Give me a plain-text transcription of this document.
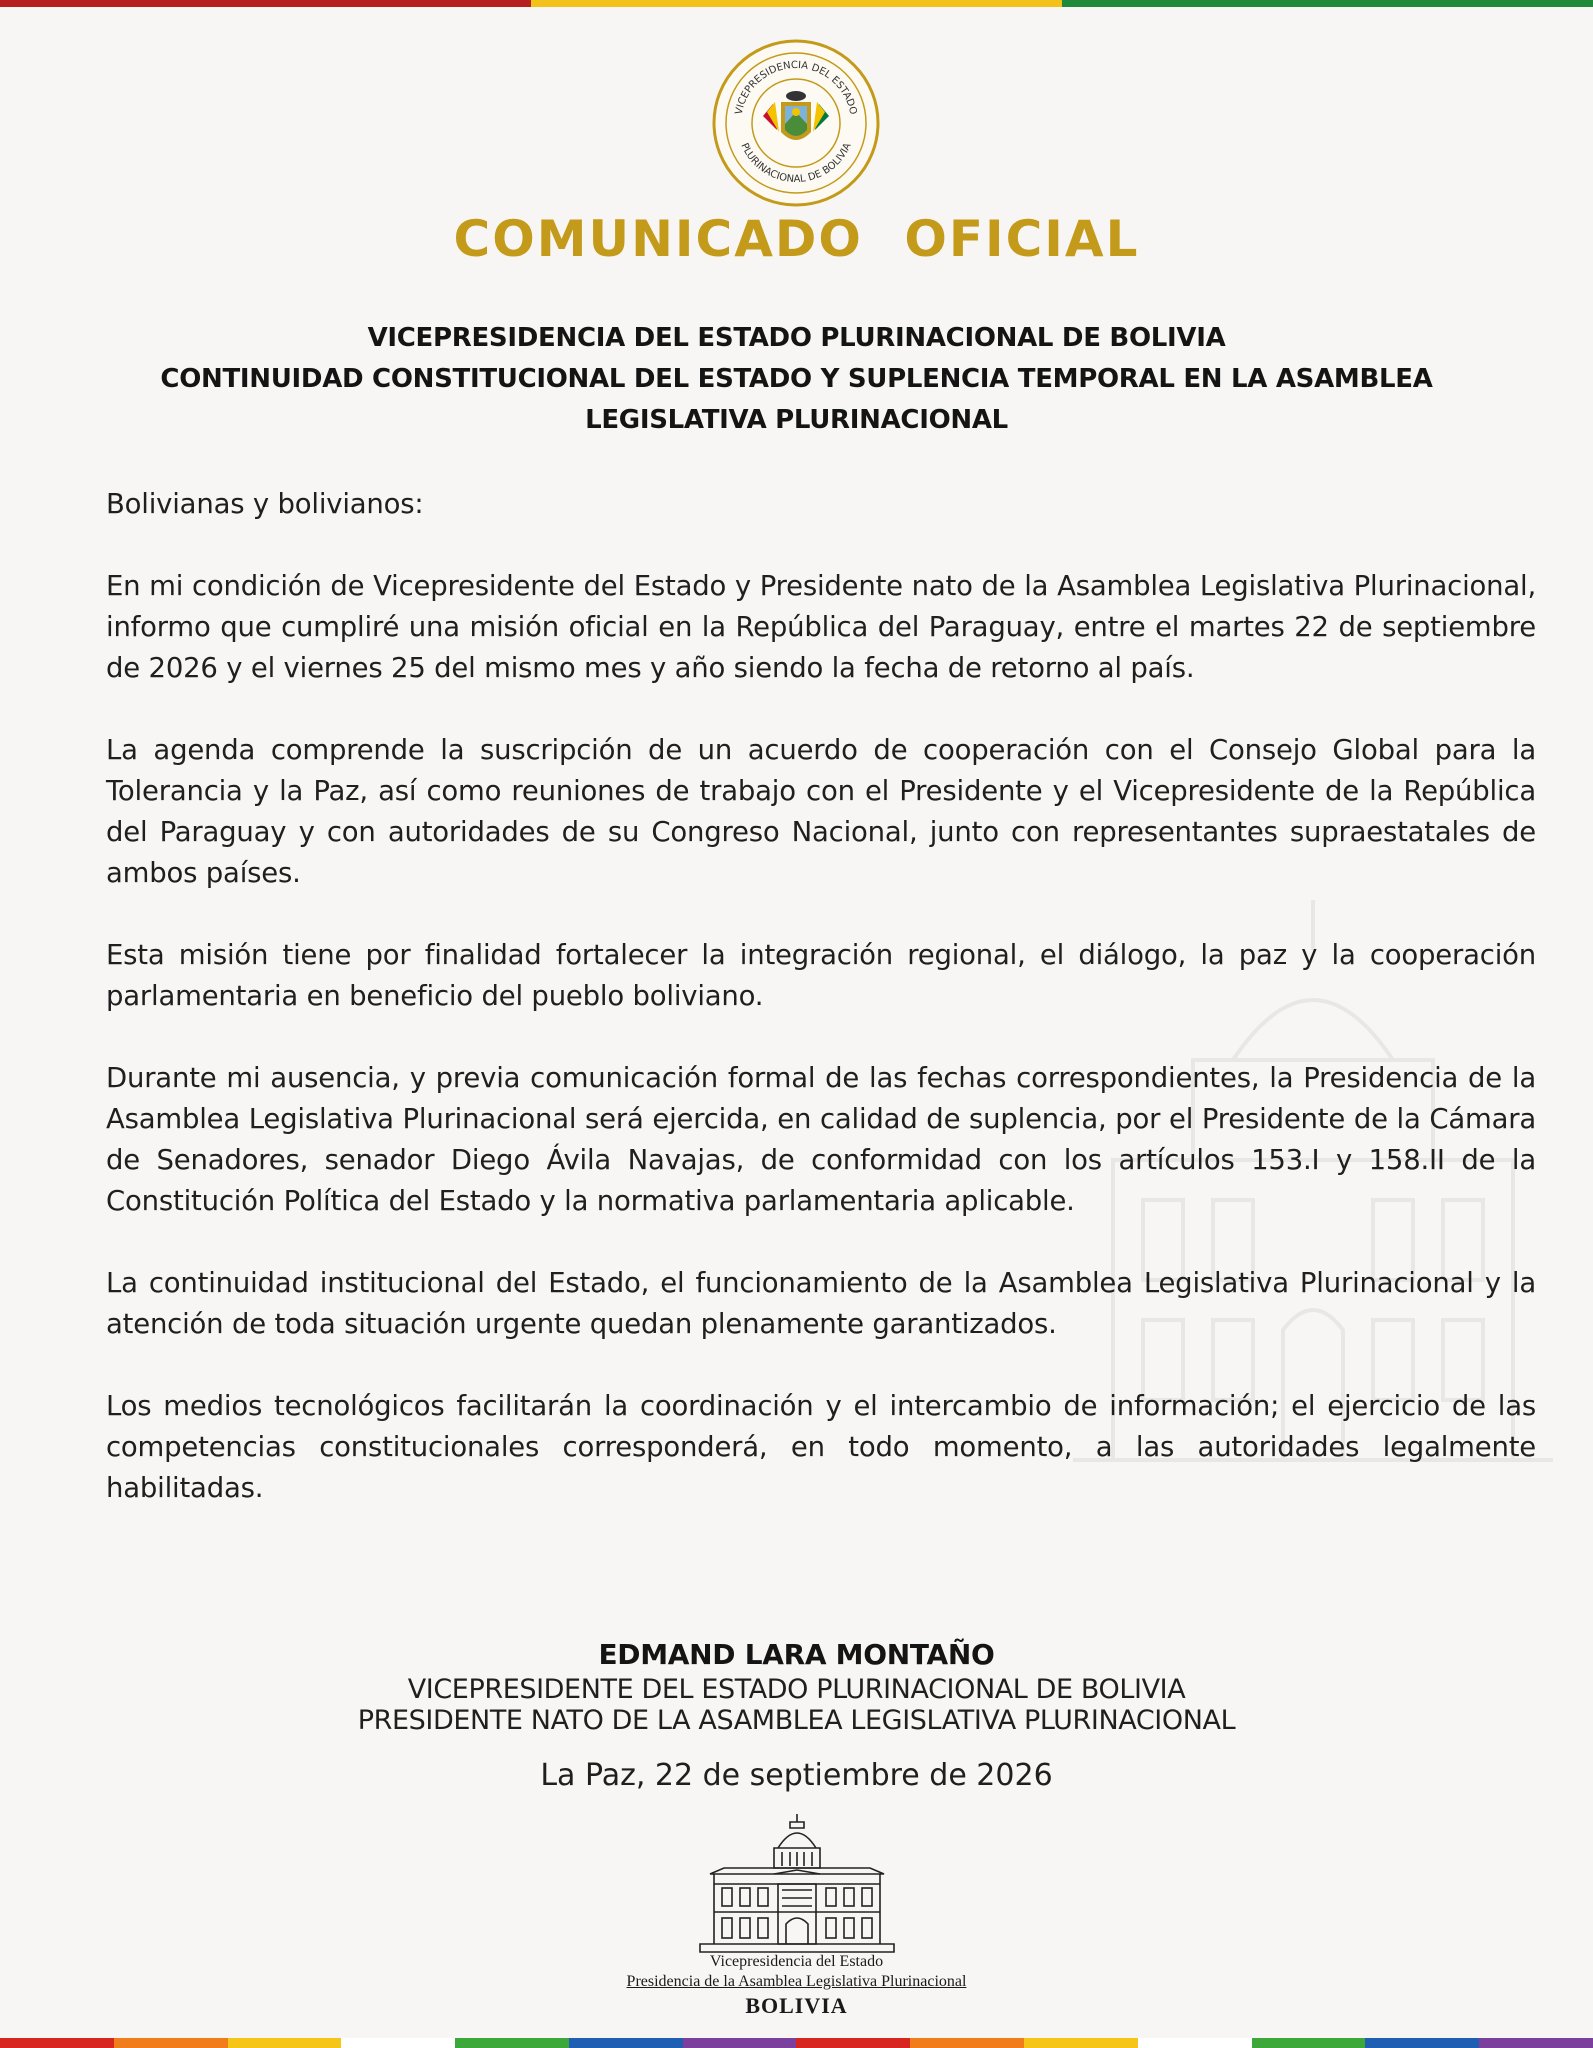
VICEPRESIDENCIA DEL ESTADO
PLURINACIONAL DE BOLIVIA
COMUNICADO OFICIAL
VICEPRESIDENCIA DEL ESTADO PLURINACIONAL DE BOLIVIA
CONTINUIDAD CONSTITUCIONAL DEL ESTADO Y SUPLENCIA TEMPORAL EN LA ASAMBLEA
LEGISLATIVA PLURINACIONAL

Bolivianas y bolivianos:

En mi condición de Vicepresidente del Estado y Presidente nato de la Asamblea Legislativa Plurinacional, informo que cumpliré una misión oficial en la República del Paraguay, entre el martes 22 de septiembre de 2026 y el viernes 25 del mismo mes y año siendo la fecha de retorno al país.

La agenda comprende la suscripción de un acuerdo de cooperación con el Consejo Global para la Tolerancia y la Paz, así como reuniones de trabajo con el Presidente y el Vicepresidente de la República del Paraguay y con autoridades de su Congreso Nacional, junto con representantes supraestatales de ambos países.

Esta misión tiene por finalidad fortalecer la integración regional, el diálogo, la paz y la cooperación parlamentaria en beneficio del pueblo boliviano.

Durante mi ausencia, y previa comunicación formal de las fechas correspondientes, la Presidencia de la Asamblea Legislativa Plurinacional será ejercida, en calidad de suplencia, por el Presidente de la Cámara de Senadores, senador Diego Ávila Navajas, de conformidad con los artículos 153.I y 158.II de la Constitución Política del Estado y la normativa parlamentaria aplicable.

La continuidad institucional del Estado, el funcionamiento de la Asamblea Legislativa Plurinacional y la atención de toda situación urgente quedan plenamente garantizados.

Los medios tecnológicos facilitarán la coordinación y el intercambio de información; el ejercicio de las competencias constitucionales corresponderá, en todo momento, a las autoridades legalmente habilitadas.

EDMAND LARA MONTAÑO
VICEPRESIDENTE DEL ESTADO PLURINACIONAL DE BOLIVIA
PRESIDENTE NATO DE LA ASAMBLEA LEGISLATIVA PLURINACIONAL
La Paz, 22 de septiembre de 2026
Vicepresidencia del Estado
Presidencia de la Asamblea Legislativa Plurinacional
BOLIVIA
